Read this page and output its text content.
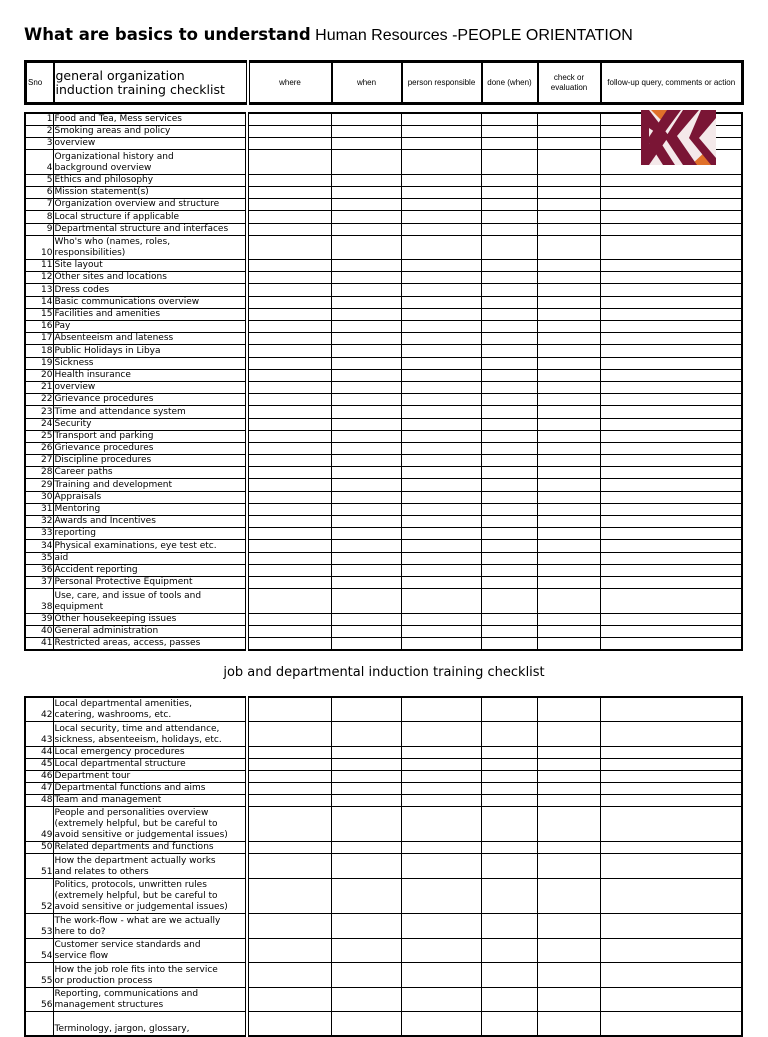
What are basics to understand Human Resources -PEOPLE ORIENTATION
Sno	general organization induction training checklist	where	when	person responsible	done (when)	check or evaluation	follow-up query, comments or action
1	Food and Tea, Mess services						
2	Smoking areas and policy						
3	overview						
4	Organizational history and
background overview						
5	Ethics and philosophy						
6	Mission statement(s)						
7	Organization overview and structure						
8	Local structure if applicable						
9	Departmental structure and interfaces						
10	Who's who (names, roles,
responsibilities)						
11	Site layout						
12	Other sites and locations						
13	Dress codes						
14	Basic communications overview						
15	Facilities and amenities						
16	Pay						
17	Absenteeism and lateness						
18	Public Holidays in Libya						
19	Sickness						
20	Health insurance						
21	overview						
22	Grievance procedures						
23	Time and attendance system						
24	Security						
25	Transport and parking						
26	Grievance procedures						
27	Discipline procedures						
28	Career paths						
29	Training and development						
30	Appraisals						
31	Mentoring						
32	Awards and Incentives						
33	reporting						
34	Physical examinations, eye test etc.						
35	aid						
36	Accident reporting						
37	Personal Protective Equipment						
38	Use, care, and issue of tools and
equipment						
39	Other housekeeping issues						
40	General administration						
41	Restricted areas, access, passes						
job and departmental induction training checklist
42	Local departmental amenities,
catering, washrooms, etc.						
43	Local security, time and attendance,
sickness, absenteeism, holidays, etc.						
44	Local emergency procedures						
45	Local departmental structure						
46	Department tour						
47	Departmental functions and aims						
48	Team and management						
49	People and personalities overview
(extremely helpful, but be careful to
avoid sensitive or judgemental issues)						
50	Related departments and functions						
51	How the department actually works
and relates to others						
52	Politics, protocols, unwritten rules
(extremely helpful, but be careful to
avoid sensitive or judgemental issues)						
53	The work-flow - what are we actually
here to do?						
54	Customer service standards and
service flow						
55	How the job role fits into the service
or production process						
56	Reporting, communications and
management structures						
	Terminology, jargon, glossary,						
